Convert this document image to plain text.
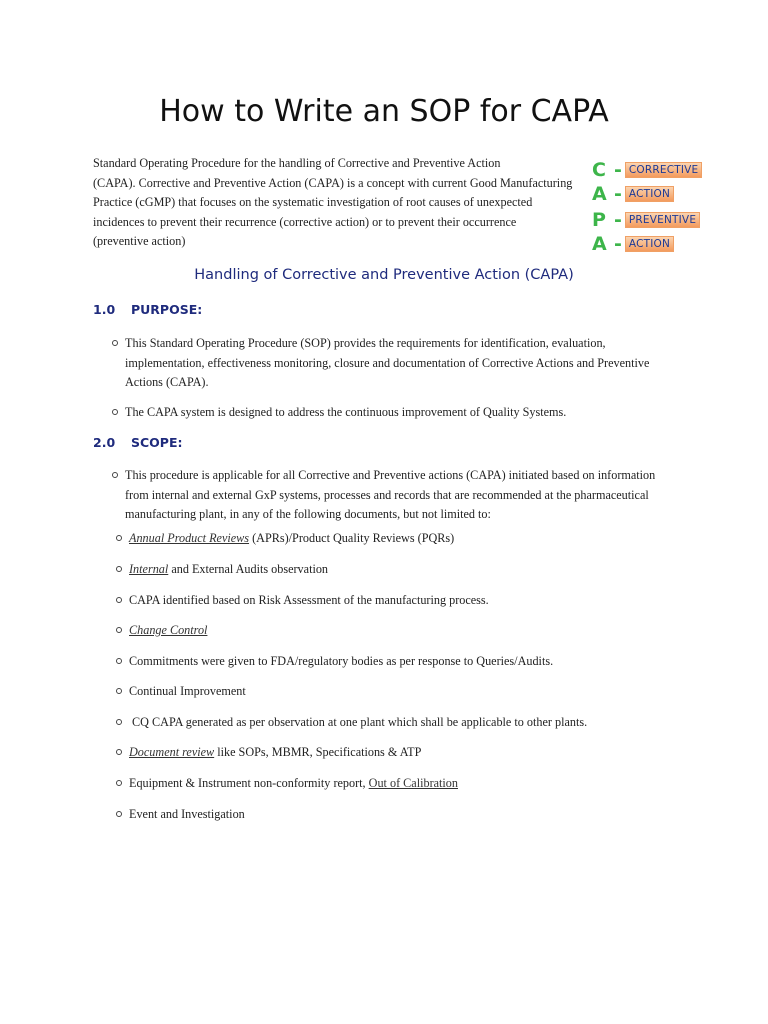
How to Write an SOP for CAPA
Standard Operating Procedure for the handling of Corrective and Preventive Action
(CAPA). Corrective and Preventive Action (CAPA) is a concept with current Good Manufacturing
Practice (cGMP) that focuses on the systematic investigation of root causes of unexpected
incidences to prevent their recurrence (corrective action) or to prevent their occurrence
(preventive action)
C - CORRECTIVE
A - ACTION
P - PREVENTIVE
A - ACTION
Handling of Corrective and Preventive Action (CAPA)
1.0	PURPOSE:
This Standard Operating Procedure (SOP) provides the requirements for identification, evaluation, implementation, effectiveness monitoring, closure and documentation of Corrective Actions and Preventive Actions (CAPA).
The CAPA system is designed to address the continuous improvement of Quality Systems.
2.0	SCOPE:
This procedure is applicable for all Corrective and Preventive actions (CAPA) initiated based on information from internal and external GxP systems, processes and records that are recommended at the pharmaceutical manufacturing plant, in any of the following documents, but not limited to:
Annual Product Reviews (APRs)/Product Quality Reviews (PQRs)
Internal and External Audits observation
CAPA identified based on Risk Assessment of the manufacturing process.
Change Control
Commitments were given to FDA/regulatory bodies as per response to Queries/Audits.
Continual Improvement
CQ CAPA generated as per observation at one plant which shall be applicable to other plants.
Document review like SOPs, MBMR, Specifications & ATP
Equipment & Instrument non-conformity report, Out of Calibration
Event and Investigation
